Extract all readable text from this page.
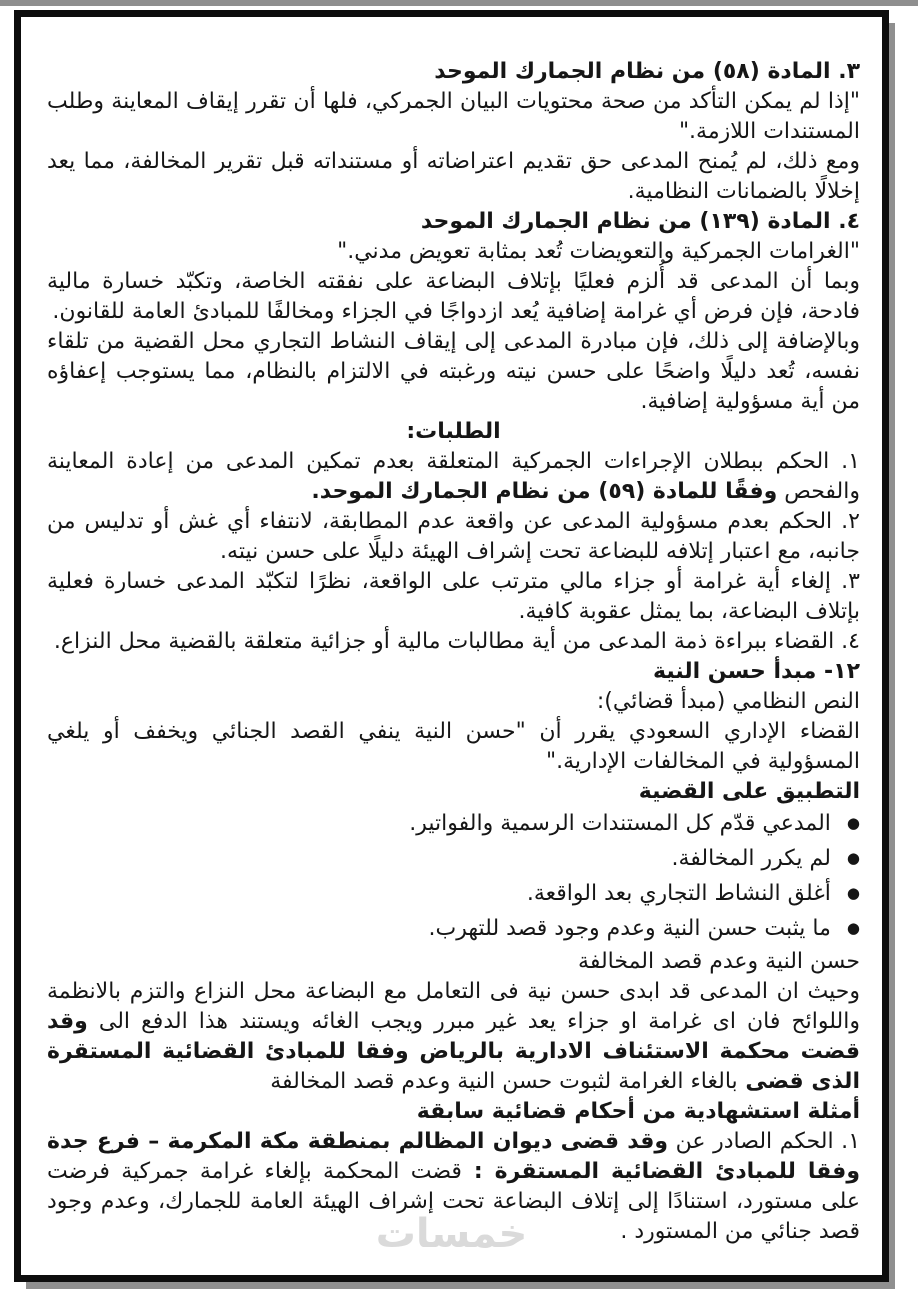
٣. المادة (٥٨) من نظام الجمارك الموحد

"إذا لم يمكن التأكد من صحة محتويات البيان الجمركي، فلها أن تقرر إيقاف المعاينة وطلب المستندات اللازمة."

ومع ذلك، لم يُمنح المدعى حق تقديم اعتراضاته أو مستنداته قبل تقرير المخالفة، مما يعد إخلالًا بالضمانات النظامية.

٤. المادة (١٣٩) من نظام الجمارك الموحد

"الغرامات الجمركية والتعويضات تُعد بمثابة تعويض مدني."

وبما أن المدعى قد أُلزم فعليًا بإتلاف البضاعة على نفقته الخاصة، وتكبّد خسارة مالية فادحة، فإن فرض أي غرامة إضافية يُعد ازدواجًا في الجزاء ومخالفًا للمبادئ العامة للقانون.

وبالإضافة إلى ذلك، فإن مبادرة المدعى إلى إيقاف النشاط التجاري محل القضية من تلقاء نفسه، تُعد دليلًا واضحًا على حسن نيته ورغبته في الالتزام بالنظام، مما يستوجب إعفاؤه من أية مسؤولية إضافية.

الطلبات:

١. الحكم ببطلان الإجراءات الجمركية المتعلقة بعدم تمكين المدعى من إعادة المعاينة والفحص وفقًا للمادة (٥٩) من نظام الجمارك الموحد.

٢. الحكم بعدم مسؤولية المدعى عن واقعة عدم المطابقة، لانتفاء أي غش أو تدليس من جانبه، مع اعتبار إتلافه للبضاعة تحت إشراف الهيئة دليلًا على حسن نيته.

٣. إلغاء أية غرامة أو جزاء مالي مترتب على الواقعة، نظرًا لتكبّد المدعى خسارة فعلية بإتلاف البضاعة، بما يمثل عقوبة كافية.

٤. القضاء ببراءة ذمة المدعى من أية مطالبات مالية أو جزائية متعلقة بالقضية محل النزاع.

١٢- مبدأ حسن النية

النص النظامي (مبدأ قضائي):

القضاء الإداري السعودي يقرر أن "حسن النية ينفي القصد الجنائي ويخفف أو يلغي المسؤولية في المخالفات الإدارية."

التطبيق على القضية

●
المدعي قدّم كل المستندات الرسمية والفواتير.
●
لم يكرر المخالفة.
●
أغلق النشاط التجاري بعد الواقعة.
●
ما يثبت حسن النية وعدم وجود قصد للتهرب.

حسن النية وعدم قصد المخالفة

وحيث ان المدعى قد ابدى حسن نية فى التعامل مع البضاعة محل النزاع والتزم بالانظمة واللوائح فان اى غرامة او جزاء يعد غير مبرر ويجب الغائه ويستند هذا الدفع الى وقد قضت محكمة الاستئناف الادارية بالرياض وفقا للمبادئ القضائية المستقرة الذى قضى بالغاء الغرامة لثبوت حسن النية وعدم قصد المخالفة

أمثلة استشهادية من أحكام قضائية سابقة

١. الحكم الصادر عن وقد قضى ديوان المظالم بمنطقة مكة المكرمة – فرع جدة وفقا للمبادئ القضائية المستقرة : قضت المحكمة بإلغاء غرامة جمركية فرضت على مستورد، استنادًا إلى إتلاف البضاعة تحت إشراف الهيئة العامة للجمارك، وعدم وجود قصد جنائي من المستورد .

خمسات
